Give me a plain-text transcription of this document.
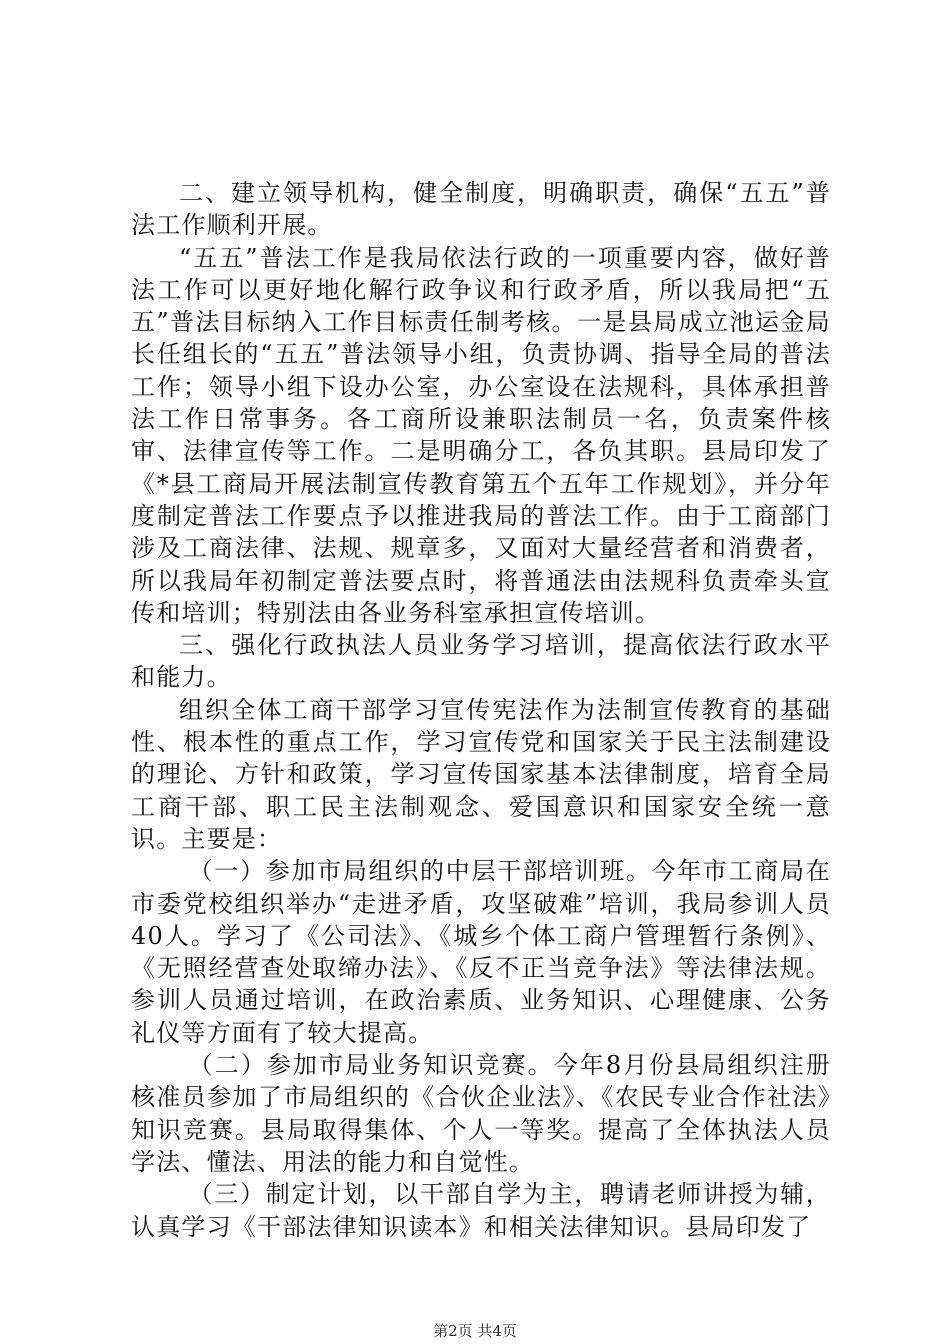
二、建立领导机构，健全制度，明确职责，确保“五五”普法工作顺利开展。

“五五”普法工作是我局依法行政的一项重要内容，做好普法工作可以更好地化解行政争议和行政矛盾，所以我局把“五五”普法目标纳入工作目标责任制考核。一是县局成立池运金局长任组长的“五五”普法领导小组，负责协调、指导全局的普法工作；领导小组下设办公室，办公室设在法规科，具体承担普法工作日常事务。各工商所设兼职法制员一名，负责案件核审、法律宣传等工作。二是明确分工，各负其职。县局印发了《*县工商局开展法制宣传教育第五个五年工作规划》，并分年度制定普法工作要点予以推进我局的普法工作。由于工商部门涉及工商法律、法规、规章多，又面对大量经营者和消费者，所以我局年初制定普法要点时，将普通法由法规科负责牵头宣传和培训；特别法由各业务科室承担宣传培训。

三、强化行政执法人员业务学习培训，提高依法行政水平和能力。

组织全体工商干部学习宣传宪法作为法制宣传教育的基础性、根本性的重点工作，学习宣传党和国家关于民主法制建设的理论、方针和政策，学习宣传国家基本法律制度，培育全局工商干部、职工民主法制观念、爱国意识和国家安全统一意识。主要是：

（一）参加市局组织的中层干部培训班。今年市工商局在市委党校组织举办“走进矛盾，攻坚破难”培训，我局参训人员40人。学习了《公司法》、《城乡个体工商户管理暂行条例》、《无照经营查处取缔办法》、《反不正当竞争法》等法律法规。参训人员通过培训，在政治素质、业务知识、心理健康、公务礼仪等方面有了较大提高。

（二）参加市局业务知识竞赛。今年8月份县局组织注册核准员参加了市局组织的《合伙企业法》、《农民专业合作社法》知识竞赛。县局取得集体、个人一等奖。提高了全体执法人员学法、懂法、用法的能力和自觉性。

（三）制定计划，以干部自学为主，聘请老师讲授为辅，认真学习《干部法律知识读本》和相关法律知识。县局印发了

第2页 共4页
